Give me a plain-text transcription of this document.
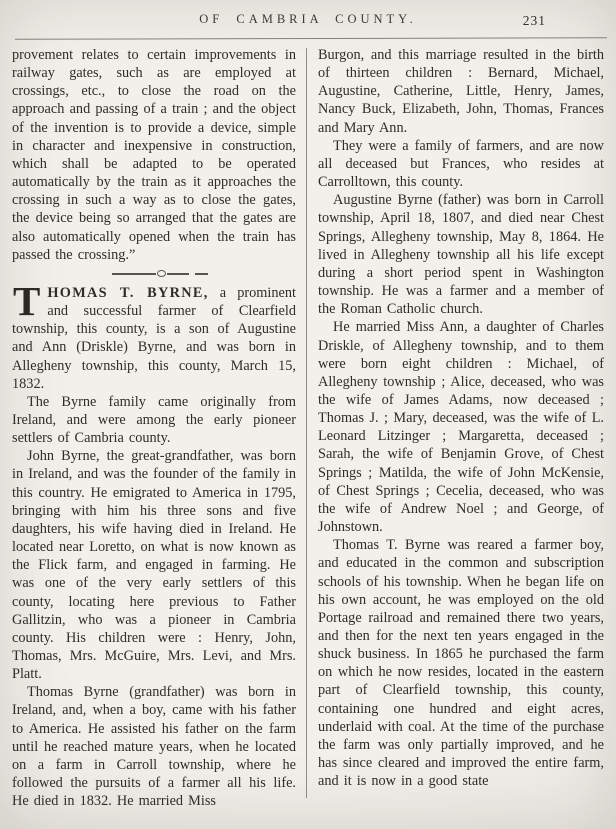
OF CAMBRIA COUNTY.	231

provement relates to certain improvements in railway gates, such as are employed at crossings, etc., to close the road on the approach and passing of a train ; and the object of the invention is to provide a device, simple in character and inexpensive in construction, which shall be adapted to be operated automatically by the train as it approaches the crossing in such a way as to close the gates, the device being so arranged that the gates are also automatically opened when the train has passed the crossing.”

THOMAS T. BYRNE, a prominent and successful farmer of Clearfield township, this county, is a son of Augustine and Ann (Driskle) Byrne, and was born in Allegheny township, this county, March 15, 1832.

The Byrne family came originally from Ireland, and were among the early pioneer settlers of Cambria county.

John Byrne, the great-grandfather, was born in Ireland, and was the founder of the family in this country. He emigrated to America in 1795, bringing with him his three sons and five daughters, his wife having died in Ireland. He located near Loretto, on what is now known as the Flick farm, and engaged in farming. He was one of the very early settlers of this county, locating here previous to Father Gallitzin, who was a pioneer in Cambria county. His children were : Henry, John, Thomas, Mrs. McGuire, Mrs. Levi, and Mrs. Platt.

Thomas Byrne (grandfather) was born in Ireland, and, when a boy, came with his father to America. He assisted his father on the farm until he reached mature years, when he located on a farm in Carroll township, where he followed the pursuits of a farmer all his life. He died in 1832. He married Miss

Burgon, and this marriage resulted in the birth of thirteen children : Bernard, Michael, Augustine, Catherine, Little, Henry, James, Nancy Buck, Elizabeth, John, Thomas, Frances and Mary Ann.

They were a family of farmers, and are now all deceased but Frances, who resides at Carrolltown, this county.

Augustine Byrne (father) was born in Carroll township, April 18, 1807, and died near Chest Springs, Allegheny township, May 8, 1864. He lived in Allegheny township all his life except during a short period spent in Washington township. He was a farmer and a member of the Roman Catholic church.

He married Miss Ann, a daughter of Charles Driskle, of Allegheny township, and to them were born eight children : Michael, of Allegheny township ; Alice, deceased, who was the wife of James Adams, now deceased ; Thomas J. ; Mary, deceased, was the wife of L. Leonard Litzinger ; Margaretta, deceased ; Sarah, the wife of Benjamin Grove, of Chest Springs ; Matilda, the wife of John McKensie, of Chest Springs ; Cecelia, deceased, who was the wife of Andrew Noel ; and George, of Johnstown.

Thomas T. Byrne was reared a farmer boy, and educated in the common and subscription schools of his township. When he began life on his own account, he was employed on the old Portage railroad and remained there two years, and then for the next ten years engaged in the shuck business. In 1865 he purchased the farm on which he now resides, located in the eastern part of Clearfield township, this county, containing one hundred and eight acres, underlaid with coal. At the time of the purchase the farm was only partially improved, and he has since cleared and improved the entire farm, and it is now in a good state
